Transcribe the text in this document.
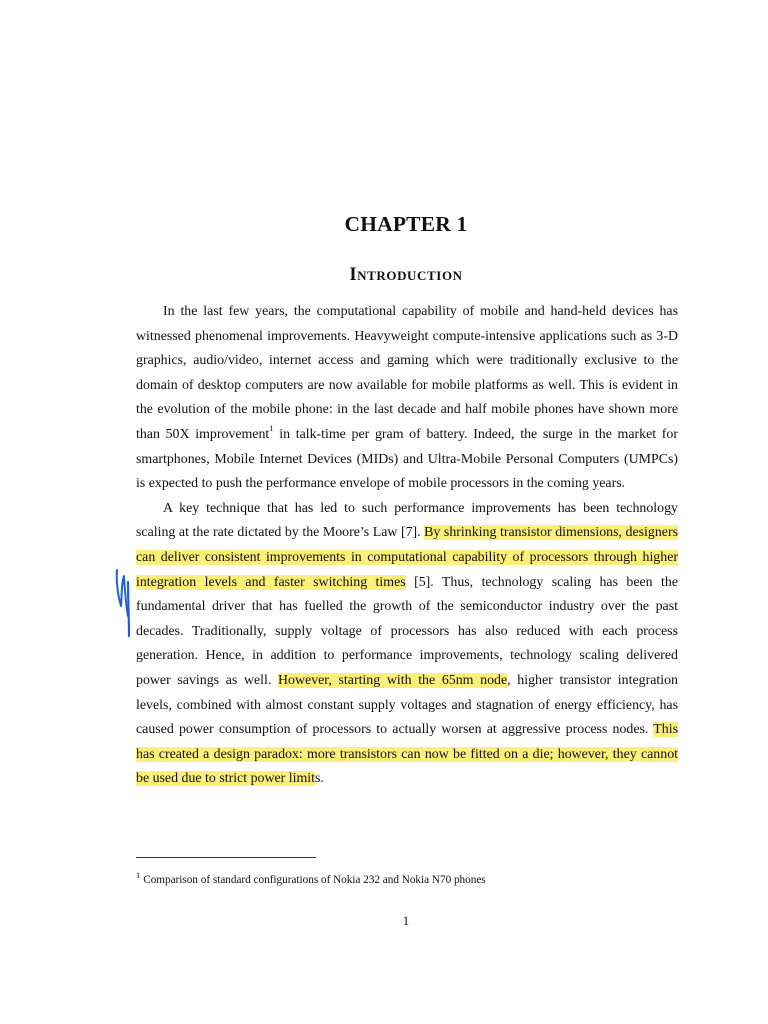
CHAPTER 1
Introduction

In the last few years, the computational capability of mobile and hand-held devices has witnessed phenomenal improvements. Heavyweight compute-intensive applications such as 3-D graphics, audio/video, internet access and gaming which were traditionally exclusive to the domain of desktop computers are now available for mobile platforms as well. This is evident in the evolution of the mobile phone: in the last decade and half mobile phones have shown more than 50X improvement$^1$ in talk-time per gram of battery. Indeed, the surge in the market for smartphones, Mobile Internet Devices (MIDs) and Ultra-Mobile Personal Computers (UMPCs) is expected to push the performance envelope of mobile processors in the coming years.

A key technique that has led to such performance improvements has been technology scaling at the rate dictated by the Moore’s Law [7]. By shrinking transistor dimensions, designers can deliver consistent improvements in computational capability of processors through higher integration levels and faster switching times [5]. Thus, technology scaling has been the fundamental driver that has fuelled the growth of the semiconductor industry over the past decades. Traditionally, supply voltage of processors has also reduced with each process generation. Hence, in addition to performance improvements, technology scaling delivered power savings as well. However, starting with the 65nm node, higher transistor integration levels, combined with almost constant supply voltages and stagnation of energy efficiency, has caused power consumption of processors to actually worsen at aggressive process nodes. This has created a design paradox: more transistors can now be fitted on a die; however, they cannot be used due to strict power limits.

$^1$ Comparison of standard configurations of Nokia 232 and Nokia N70 phones
1
